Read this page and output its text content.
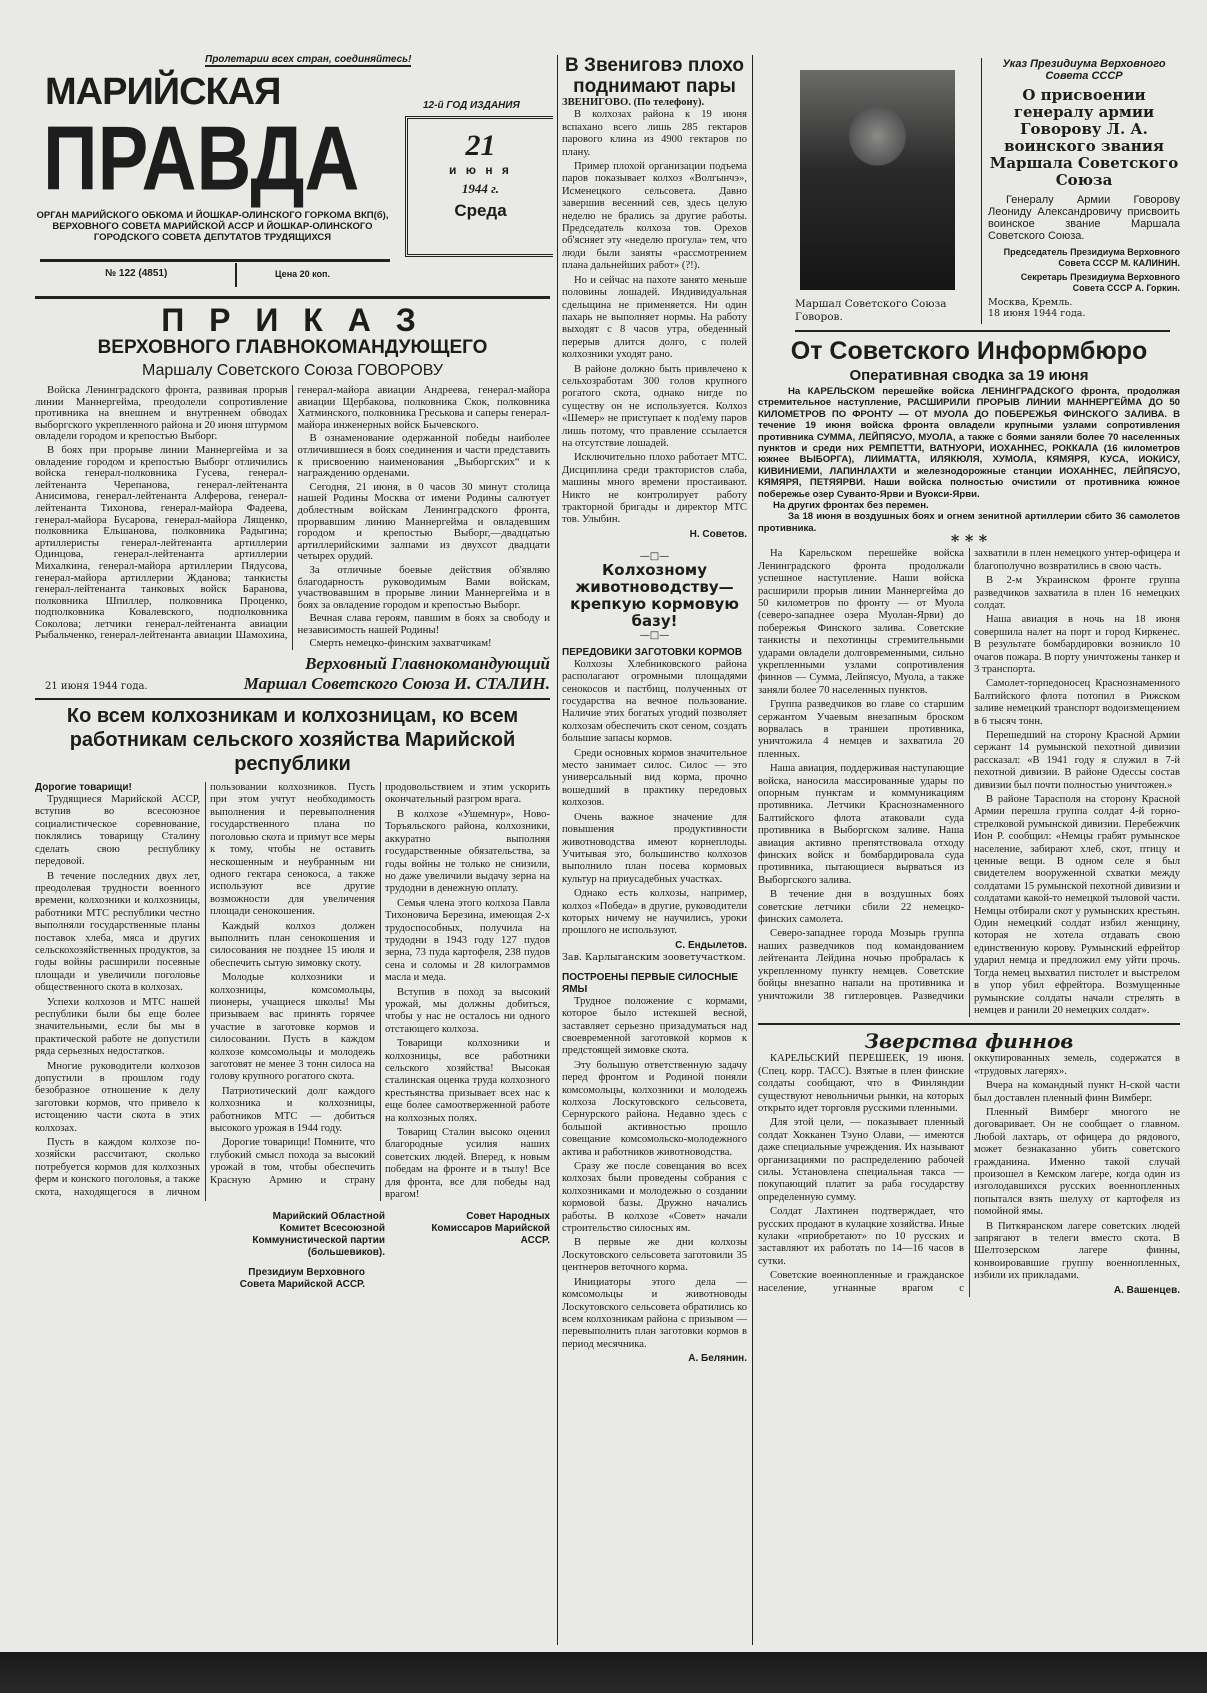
Пролетарии всех стран, соединяйтесь!
МАРИЙСКАЯ
ПРАВДА
ОРГАН МАРИЙСКОГО ОБКОМА И ЙОШКАР-ОЛИНСКОГО ГОРКОМА ВКП(б), ВЕРХОВНОГО СОВЕТА МАРИЙСКОЙ АССР И ЙОШКАР-ОЛИНСКОГО ГОРОДСКОГО СОВЕТА ДЕПУТАТОВ ТРУДЯЩИХСЯ
№ 122 (4851)	Цена 20 коп.
12-й ГОД ИЗДАНИЯ
21
и ю н я
1944 г.
Среда
П Р И К А З
ВЕРХОВНОГО ГЛАВНОКОМАНДУЮЩЕГО
Маршалу Советского Союза ГОВОРОВУ

Войска Ленинградского фронта, развивая прорыв линии Маннергейма, преодолели сопротивление противника на внешнем и внутреннем обводах выборгского укрепленного района и 20 июня штурмом овладели городом и крепостью Выборг.

В боях при прорыве линии Маннергейма и за овладение городом и крепостью Выборг отличились войска генерал-полковника Гусева, генерал-лейтенанта Черепанова, генерал-лейтенанта Анисимова, генерал-лейтенанта Алферова, генерал-лейтенанта Тихонова, генерал-майора Фадеева, генерал-майора Бусарова, генерал-майора Лященко, полковника Ельшанова, полковника Радыгина; артиллеристы генерал-лейтенанта артиллерии Одинцова, генерал-лейтенанта артиллерии Михалкина, генерал-майора артиллерии Пядусова, генерал-майора артиллерии Жданова; танкисты генерал-лейтенанта танковых войск Баранова, полковника Шпиллер, полковника Проценко, подполковника Ковалевского, подполковника Соколова; летчики генерал-лейтенанта авиации Рыбальченко, генерал-лейтенанта авиации Шамохина, генерал-майора авиации Андреева, генерал-майора авиации Щербакова, полковника Скок, полковника Хатминского, полковника Греськова и саперы генерал-майора инженерных войск Бычевского.

В ознаменование одержанной победы наиболее отличившиеся в боях соединения и части представить к присвоению наименования „Выборгских“ и к награждению орденами.

Сегодня, 21 июня, в 0 часов 30 минут столица нашей Родины Москва от имени Родины салютует доблестным войскам Ленинградского фронта, прорвавшим линию Маннергейма и овладевшим городом и крепостью Выборг,—двадцатью артиллерийскими залпами из двухсот двадцати четырех орудий.

За отличные боевые действия об'являю благодарность руководимым Вами войскам, участвовавшим в прорыве линии Маннергейма и в боях за овладение городом и крепостью Выборг.

Вечная слава героям, павшим в боях за свободу и независимость нашей Родины!

Смерть немецко-финским захватчикам!

Верховный Главнокомандующий
21 июня 1944 года.	Маршал Советского Союза И. СТАЛИН.
Ко всем колхозникам и колхозницам, ко всем работникам сельского хозяйства Марийской республики
Дорогие товарищи!

Трудящиеся Марийской АССР, вступив во всесоюзное социалистическое соревнование, поклялись товарищу Сталину сделать свою республику передовой.

В течение последних двух лет, преодолевая трудности военного времени, колхозники и колхозницы, работники МТС республики честно выполняли государственные планы поставок хлеба, мяса и других сельскохозяйственных продуктов, за годы войны расширили посевные площади и увеличили поголовье общественного скота в колхозах.

Успехи колхозов и МТС нашей республики были бы еще более значительными, если бы мы в практической работе не допустили ряда серьезных недостатков.

Многие руководители колхозов допустили в прошлом году безобразное отношение к делу заготовки кормов, что привело к истощению части скота в этих колхозах.

Пусть в каждом колхозе по-хозяйски рассчитают, сколько потребуется кормов для колхозных ферм и конского поголовья, а также скота, находящегося в личном пользовании колхозников. Пусть при этом учтут необходимость выполнения и перевыполнения государственного плана по поголовью скота и примут все меры к тому, чтобы не оставить нескошенным и неубранным ни одного гектара сенокоса, а также используют все другие возможности для увеличения площади сенокошения.

Каждый колхоз должен выполнить план сенокошения и силосования не позднее 15 июля и обеспечить сытую зимовку скоту.

Молодые колхозники и колхозницы, комсомольцы, пионеры, учащиеся школы! Мы призываем вас принять горячее участие в заготовке кормов и силосовании. Пусть в каждом колхозе комсомольцы и молодежь заготовят не менее 3 тонн силоса на голову крупного рогатого скота.

Патриотический долг каждого колхозника и колхозницы, работников МТС — добиться высокого урожая в 1944 году.

Дорогие товарищи! Помните, что глубокий смысл похода за высокий урожай в том, чтобы обеспечить Красную Армию и страну продовольствием и этим ускорить окончательный разгром врага.

В колхозе «Ушемнур», Ново-Торъяльского района, колхозники, аккуратно выполняя государственные обязательства, за годы войны не только не снизили, но даже увеличили выдачу зерна на трудодни в денежную оплату.

Семья члена этого колхоза Павла Тихоновича Березина, имеющая 2-х трудоспособных, получила на трудодни в 1943 году 127 пудов зерна, 73 пуда картофеля, 238 пудов сена и соломы и 28 килограммов масла и меда.

Вступив в поход за высокий урожай, мы должны добиться, чтобы у нас не осталось ни одного отстающего колхоза.

Товарищи колхозники и колхозницы, все работники сельского хозяйства! Высокая сталинская оценка труда колхозного крестьянства призывает всех нас к еще более самоотверженной работе на колхозных полях.

Товарищ Сталин высоко оценил благородные усилия наших советских людей. Вперед, к новым победам на фронте и в тылу! Все для фронта, все для победы над врагом!

Марийский Областной Комитет Всесоюзной Коммунистической партии (большевиков).
Совет Народных Комиссаров Марийской АССР.
Президиум Верховного Совета Марийской АССР.
В Звениговэ плохо поднимают пары
ЗВЕНИГОВО. (По телефону).

В колхозах района к 19 июня вспахано всего лишь 285 гектаров парового клина из 4900 гектаров по плану.

Пример плохой организации подъема паров показывает колхоз «Волгынчэ», Исменецкого сельсовета. Давно завершив весенний сев, здесь целую неделю не брались за другие работы. Председатель колхоза тов. Орехов об'ясняет эту «неделю прогула» тем, что люди были заняты «рассмотрением плана дальнейших работ» (?!).

Но и сейчас на пахоте занято меньше половины лошадей. Индивидуальная сдельщина не применяется. Ни один пахарь не выполняет нормы. На работу выходят с 8 часов утра, обеденный перерыв длится долго, с полей колхозники уходят рано.

В районе должно быть привлечено к сельхозработам 300 голов крупного рогатого скота, однако нигде по существу он не используется. Колхоз «Шемер» не приступает к под'ему паров лишь потому, что правление ссылается на отсутствие лошадей.

Исключительно плохо работает МТС. Дисциплина среди трактористов слаба, машины много времени простаивают. Никто не контролирует работу тракторной бригады и директор МТС тов. Улыбин.

Н. Советов.
—□—
Колхозному животноводству—крепкую кормовую базу!
—□—
ПЕРЕДОВИКИ ЗАГОТОВКИ КОРМОВ

Колхозы Хлебниковского района располагают огромными площадями сенокосов и пастбищ, полученных от государства на вечное пользование. Наличие этих богатых угодий позволяет колхозам обеспечить скот сеном, создать большие запасы кормов.

Среди основных кормов значительное место занимает силос. Силос — это универсальный вид корма, прочно вошедший в практику передовых колхозов.

Очень важное значение для повышения продуктивности животноводства имеют корнеплоды. Учитывая это, большинство колхозов выполнило план посева кормовых культур на приусадебных участках.

Однако есть колхозы, например, колхоз «Победа» в другие, руководители которых ничему не научились, уроки прошлого не используют.

С. Ендылетов.
Зав. Карлыганским зооветучастком.
ПОСТРОЕНЫ ПЕРВЫЕ СИЛОСНЫЕ ЯМЫ

Трудное положение с кормами, которое было истекшей весной, заставляет серьезно призадуматься над своевременной заготовкой кормов к предстоящей зимовке скота.

Эту большую ответственную задачу перед фронтом и Родиной поняли комсомольцы, колхозники и молодежь колхоза Лоскутовского сельсовета, Сернурского района. Недавно здесь с большой активностью прошло совещание комсомольско-молодежного актива и работников животноводства.

Сразу же после совещания во всех колхозах были проведены собрания с колхозниками и молодежью о создании кормовой базы. Дружно начались работы. В колхозе «Совет» начали строительство силосных ям.

В первые же дни колхозы Лоскутовского сельсовета заготовили 35 центнеров веточного корма.

Инициаторы этого дела — комсомольцы и животноводы Лоскутовского сельсовета обратились ко всем колхозникам района с призывом — перевыполнить план заготовки кормов в период месячника.

А. Белянин.
Маршал Советского Союза Говоров.
Указ Президиума Верховного Совета СССР
О присвоении генералу армии Говорову Л. А. воинского звания Маршала Советского Союза
Генералу Армии Говорову Леониду Александровичу присвоить воинское звание Маршала Советского Союза.
Председатель Президиума Верховного Совета СССР М. КАЛИНИН.
Секретарь Президиума Верховного Совета СССР А. Горкин.
Москва, Кремль.
18 июня 1944 года.
От Советского Информбюро
Оперативная сводка за 19 июня

На КАРЕЛЬСКОМ перешейке войска ЛЕНИНГРАДСКОГО фронта, продолжая стремительное наступление, РАСШИРИЛИ ПРОРЫВ ЛИНИИ МАННЕРГЕЙМА ДО 50 КИЛОМЕТРОВ ПО ФРОНТУ — ОТ МУОЛА ДО ПОБЕРЕЖЬЯ ФИНСКОГО ЗАЛИВА. В течение 19 июня войска фронта овладели крупными узлами сопротивления противника СУММА, ЛЕЙПЯСУО, МУОЛА, а также с боями заняли более 70 населенных пунктов и среди них РЕМПЕТТИ, ВАТНУОРИ, ИОХАННЕС, РОККАЛА (16 километров южнее ВЫБОРГА), ЛИИМАТТА, ИЛЯКЮЛЯ, ХУМОЛА, КЯМЯРЯ, КУСА, ИОКИСУ, КИВИНИЕМИ, ЛАПИНЛАХТИ и железнодорожные станции ИОХАННЕС, ЛЕЙПЯСУО, КЯМЯРЯ, ПЕТЯЯРВИ. Наши войска полностью очистили от противника южное побережье озер Суванто-Ярви и Вуокси-Ярви.

На других фронтах без перемен.

За 18 июня в воздушных боях и огнем зенитной артиллерии сбито 36 самолетов противника.

* * *

На Карельском перешейке войска Ленинградского фронта продолжали успешное наступление. Наши войска расширили прорыв линии Маннергейма до 50 километров по фронту — от Муола (северо-западнее озера Муолан-Ярви) до побережья Финского залива. Советские танкисты и пехотинцы стремительными ударами овладели долговременными, сильно укрепленными узлами сопротивления финнов — Сумма, Лейпясуо, Муола, а также заняли более 70 населенных пунктов.

Группа разведчиков во главе со старшим сержантом Учаевым внезапным броском ворвалась в траншеи противника, уничтожила 4 немцев и захватила 20 пленных.

Наша авиация, поддерживая наступающие войска, наносила массированные удары по опорным пунктам и коммуникациям противника. Летчики Краснознаменного Балтийского флота атаковали суда противника в Выборгском заливе. Наша авиация активно препятствовала отходу финских войск и бомбардировала суда противника, пытающиеся вырваться из Выборгского залива.

В течение дня в воздушных боях советские летчики сбили 22 немецко-финских самолета.

Северо-западнее города Мозырь группа наших разведчиков под командованием лейтенанта Лейдина ночью пробралась к укрепленному пункту немцев. Советские бойцы внезапно напали на противника и уничтожили 38 гитлеровцев. Разведчики захватили в плен немецкого унтер-офицера и благополучно возвратились в свою часть.

В 2-м Украинском фронте группа разведчиков захватила в плен 16 немецких солдат.

Наша авиация в ночь на 18 июня совершила налет на порт и город Киркенес. В результате бомбардировки возникло 10 очагов пожара. В порту уничтожены танкер и 3 транспорта.

Самолет-торпедоносец Краснознаменного Балтийского флота потопил в Рижском заливе немецкий транспорт водоизмещением в 6 тысяч тонн.

Перешедший на сторону Красной Армии сержант 14 румынской пехотной дивизии рассказал: «В 1941 году я служил в 7-й пехотной дивизии. В районе Одессы состав дивизии был почти полностью уничтожен.»

В районе Тарасполя на сторону Красной Армии перешла группа солдат 4-й горно-стрелковой румынской дивизии. Перебежчик Ион Р. сообщил: «Немцы грабят румынское население, забирают хлеб, скот, птицу и ценные вещи. В одном селе я был свидетелем вооруженной схватки между солдатами 15 румынской пехотной дивизии и солдатами какой-то немецкой тыловой части. Немцы отбирали скот у румынских крестьян. Один немецкий солдат избил женщину, которая не хотела отдавать свою единственную корову. Румынский ефрейтор ударил немца и предложил ему уйти прочь. Тогда немец выхватил пистолет и выстрелом в упор убил ефрейтора. Возмущенные румынские солдаты начали стрелять в немцев и ранили 20 немецких солдат».

Зверства финнов

КАРЕЛЬСКИЙ ПЕРЕШЕЕК, 19 июня. (Спец. корр. ТАСС). Взятые в плен финские солдаты сообщают, что в Финляндии существуют невольничьи рынки, на которых открыто идет торговля русскими пленными.

Для этой цели, — показывает пленный солдат Хокканен Тэуно Олави, — имеются даже специальные учреждения. Их называют организациями по распределению рабочей силы. Установлена специальная такса — покупающий платит за раба государству определенную сумму.

Солдат Лахтинен подтверждает, что русских продают в кулацкие хозяйства. Иные кулаки «приобретают» по 10 русских и заставляют их работать по 14—16 часов в сутки.

Советские военнопленные и гражданское население, угнанные врагом с оккупированных земель, содержатся в «трудовых лагерях».

Вчера на командный пункт Н-ской части был доставлен пленный финн Вимберг.

Пленный Вимберг многого не договаривает. Он не сообщает о главном. Любой лахтарь, от офицера до рядового, может безнаказанно убить советского гражданина. Именно такой случай произошел в Кемском лагере, когда один из изголодавшихся русских военнопленных попытался взять шелуху от картофеля из помойной ямы.

В Питкяранском лагере советских людей запрягают в телеги вместо скота. В Шелтозерском лагере финны, конвоировавшие группу военнопленных, избили их прикладами.

А. Вашенцев.
